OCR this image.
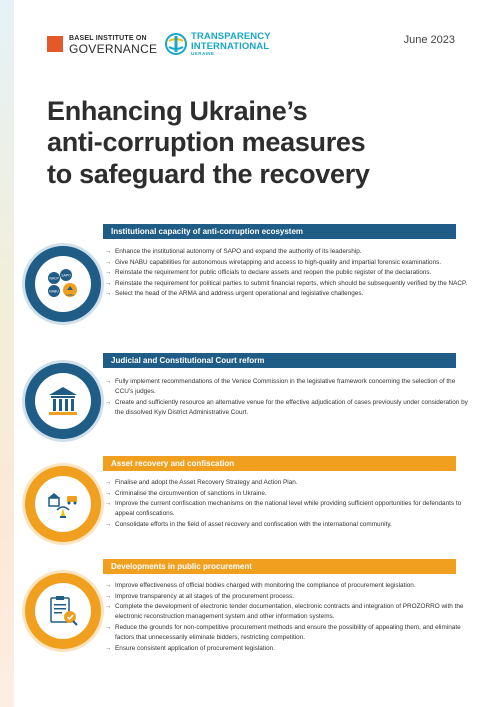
BASEL INSTITUTE ON
GOVERNANCE
TRANSPARENCY
INTERNATIONAL
UKRAINE
June 2023
Enhancing Ukraine’s
anti-corruption measures
to safeguard the recovery
NACP
SAPO
NABU
ARMA
Institutional capacity of anti-corruption ecosystem
→ Enhance the institutional autonomy of SAPO and expand the authority of its leadership.
→ Give NABU capabilities for autonomous wiretapping and access to high-quality and impartial forensic examinations.
→ Reinstate the requirement for public officials to declare assets and reopen the public register of the declarations.
→ Reinstate the requirement for political parties to submit financial reports, which should be subsequently verified by the NACP.
→ Select the head of the ARMA and address urgent operational and legislative challenges.
Judicial and Constitutional Court reform
→ Fully implement recommendations of the Venice Commission in the legislative framework concerning the selection of the CCU’s judges.
→ Create and sufficiently resource an alternative venue for the effective adjudication of cases previously under consideration by the dissolved Kyiv District Administrative Court.
Asset recovery and confiscation
→ Finalise and adopt the Asset Recovery Strategy and Action Plan.
→ Criminalise the circumvention of sanctions in Ukraine.
→ Improve the current confiscation mechanisms on the national level while providing sufficient opportunities for defendants to appeal confiscations.
→ Consolidate efforts in the field of asset recovery and confiscation with the international community.
Developments in public procurement
→ Improve effectiveness of official bodies charged with monitoring the compliance of procurement legislation.
→ Improve transparency at all stages of the procurement process.
→ Complete the development of electronic tender documentation, electronic contracts and integration of PROZORRO with the electronic reconstruction management system and other information systems.
→ Reduce the grounds for non-competitive procurement methods and ensure the possibility of appealing them, and eliminate factors that unnecessarily eliminate bidders, restricting competition.
→ Ensure consistent application of procurement legislation.
